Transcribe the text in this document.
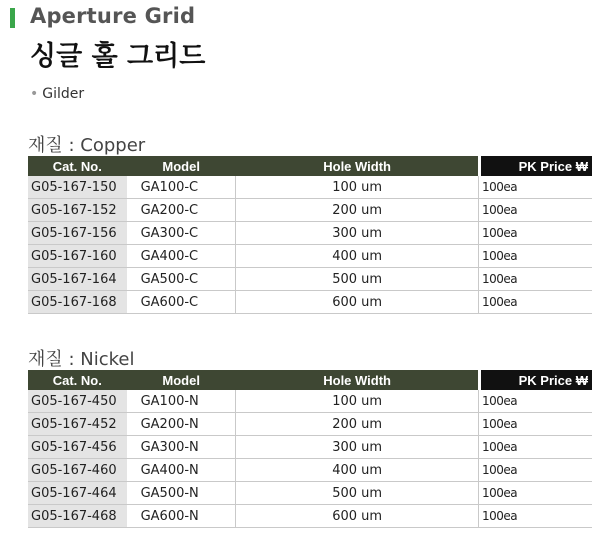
Aperture Grid
싱글 홀 그리드
• Gilder
재질 : Copper
Cat. No.	Model	Hole Width		PK Price ₩
G05-167-150	GA100-C	100 um	100ea	
G05-167-152	GA200-C	200 um	100ea	
G05-167-156	GA300-C	300 um	100ea	
G05-167-160	GA400-C	400 um	100ea	
G05-167-164	GA500-C	500 um	100ea	
G05-167-168	GA600-C	600 um	100ea	
재질 : Nickel
Cat. No.	Model	Hole Width		PK Price ₩
G05-167-450	GA100-N	100 um	100ea	
G05-167-452	GA200-N	200 um	100ea	
G05-167-456	GA300-N	300 um	100ea	
G05-167-460	GA400-N	400 um	100ea	
G05-167-464	GA500-N	500 um	100ea	
G05-167-468	GA600-N	600 um	100ea	
